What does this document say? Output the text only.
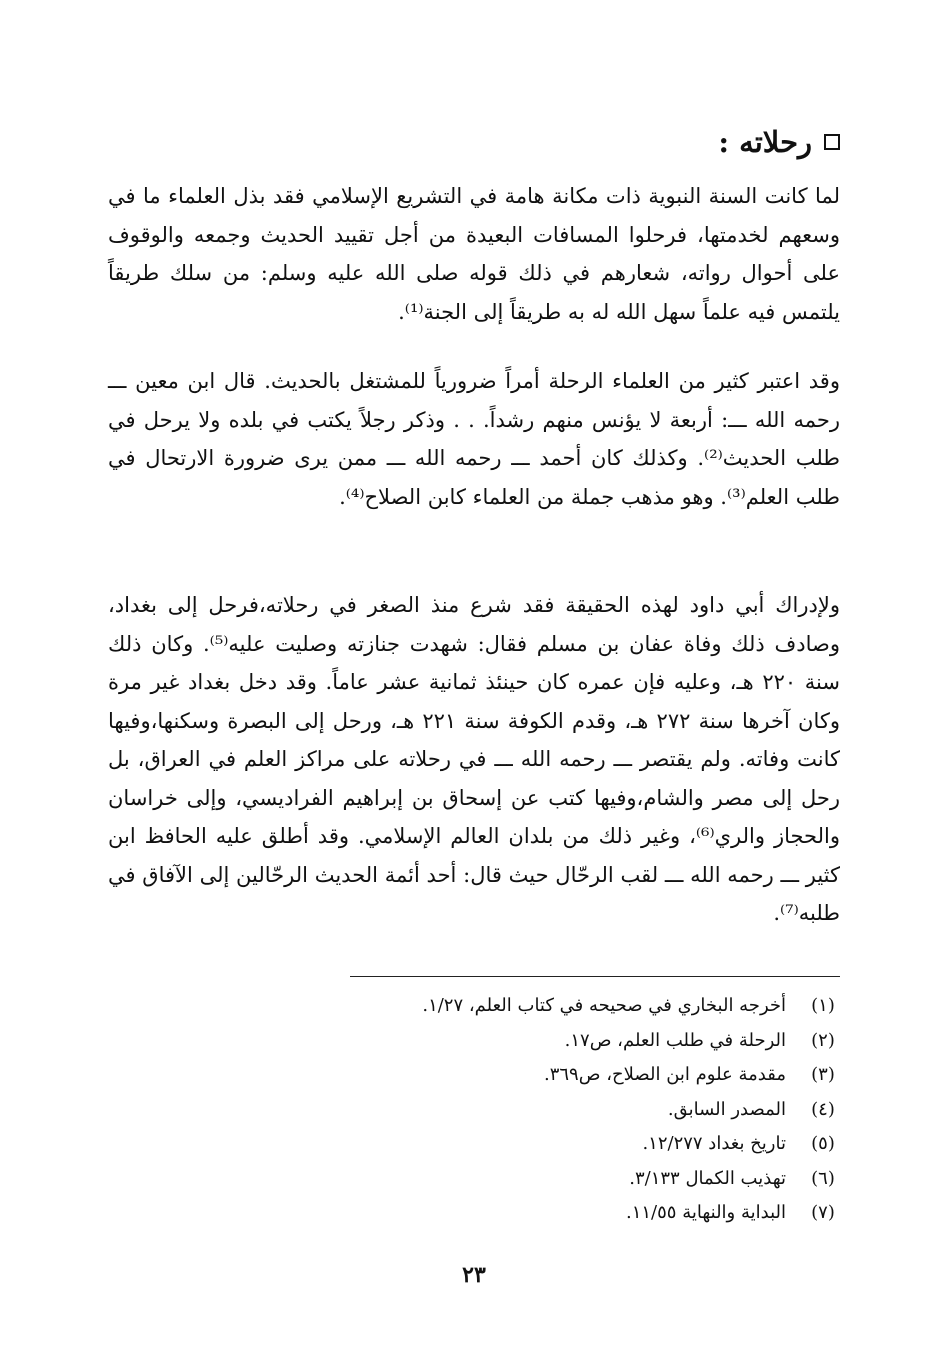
رحلاته :

لما كانت السنة النبوية ذات مكانة هامة في التشريع الإسلامي فقد بذل العلماء ما في وسعهم لخدمتها، فرحلوا المسافات البعيدة من أجل تقييد الحديث وجمعه والوقوف على أحوال رواته، شعارهم في ذلك قوله صلى الله عليه وسلم: من سلك طريقاً يلتمس فيه علماً سهل الله له به طريقاً إلى الجنة⁽¹⁾.

وقد اعتبر كثير من العلماء الرحلة أمراً ضرورياً للمشتغل بالحديث. قال ابن معين ـــ رحمه الله ـــ: أربعة لا يؤنس منهم رشداً. . . وذكر رجلاً يكتب في بلده ولا يرحل في طلب الحديث⁽²⁾. وكذلك كان أحمد ـــ رحمه الله ـــ ممن يرى ضرورة الارتحال في طلب العلم⁽³⁾. وهو مذهب جملة من العلماء كابن الصلاح⁽⁴⁾.

ولإدراك أبي داود لهذه الحقيقة فقد شرع منذ الصغر في رحلاته،فرحل إلى بغداد، وصادف ذلك وفاة عفان بن مسلم فقال: شهدت جنازته وصليت عليه⁽⁵⁾. وكان ذلك سنة ٢٢٠ هـ، وعليه فإن عمره كان حينئذ ثمانية عشر عاماً. وقد دخل بغداد غير مرة وكان آخرها سنة ٢٧٢ هـ، وقدم الكوفة سنة ٢٢١ هـ، ورحل إلى البصرة وسكنها،وفيها كانت وفاته. ولم يقتصر ـــ رحمه الله ـــ في رحلاته على مراكز العلم في العراق، بل رحل إلى مصر والشام،وفيها كتب عن إسحاق بن إبراهيم الفراديسي، وإلى خراسان والحجاز والري⁽⁶⁾، وغير ذلك من بلدان العالم الإسلامي. وقد أطلق عليه الحافظ ابن كثير ـــ رحمه الله ـــ لقب الرحّال حيث قال: أحد أئمة الحديث الرحّالين إلى الآفاق في طلبه⁽⁷⁾.

(١)
أخرجه البخاري في صحيحه في كتاب العلم، ١/٢٧.
(٢)
الرحلة في طلب العلم، ص١٧.
(٣)
مقدمة علوم ابن الصلاح، ص٣٦٩.
(٤)
المصدر السابق.
(٥)
تاريخ بغداد ١٢/٢٧٧.
(٦)
تهذيب الكمال ٣/١٣٣.
(٧)
البداية والنهاية ١١/٥٥.
٢٣
